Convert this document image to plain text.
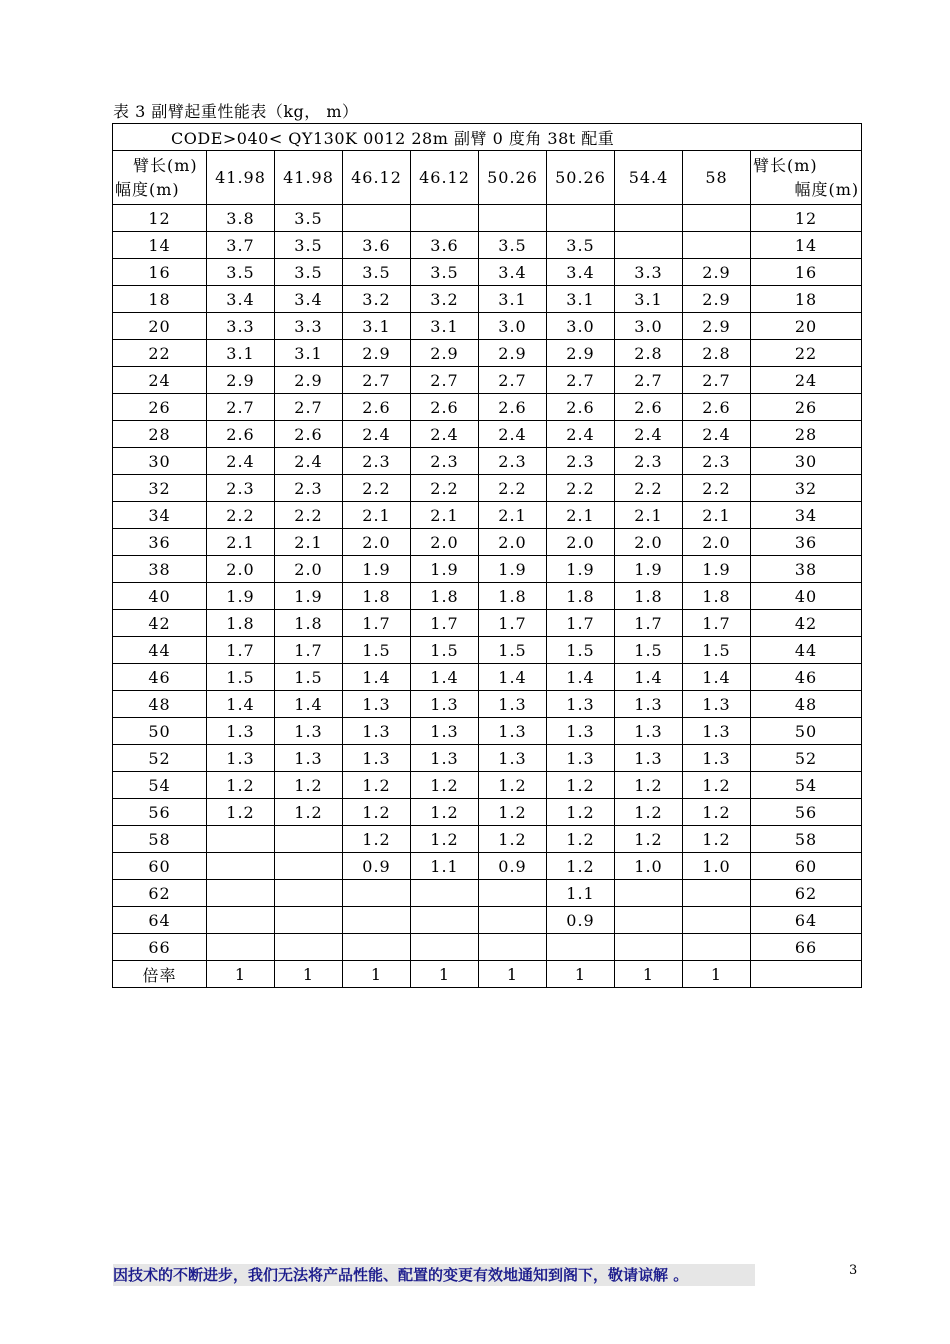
表 3 副臂起重性能表（kg， m）
CODE>040< QY130K 0012 28m 副臂 0 度角 38t 配重									

臂长(m)
幅度(m)	41.98	41.98	46.12	46.12	50.26	50.26	54.4	58	臂长(m)
幅度(m)

12	3.8	3.5							12
14	3.7	3.5	3.6	3.6	3.5	3.5			14
16	3.5	3.5	3.5	3.5	3.4	3.4	3.3	2.9	16
18	3.4	3.4	3.2	3.2	3.1	3.1	3.1	2.9	18
20	3.3	3.3	3.1	3.1	3.0	3.0	3.0	2.9	20
22	3.1	3.1	2.9	2.9	2.9	2.9	2.8	2.8	22
24	2.9	2.9	2.7	2.7	2.7	2.7	2.7	2.7	24
26	2.7	2.7	2.6	2.6	2.6	2.6	2.6	2.6	26
28	2.6	2.6	2.4	2.4	2.4	2.4	2.4	2.4	28
30	2.4	2.4	2.3	2.3	2.3	2.3	2.3	2.3	30
32	2.3	2.3	2.2	2.2	2.2	2.2	2.2	2.2	32
34	2.2	2.2	2.1	2.1	2.1	2.1	2.1	2.1	34
36	2.1	2.1	2.0	2.0	2.0	2.0	2.0	2.0	36
38	2.0	2.0	1.9	1.9	1.9	1.9	1.9	1.9	38
40	1.9	1.9	1.8	1.8	1.8	1.8	1.8	1.8	40
42	1.8	1.8	1.7	1.7	1.7	1.7	1.7	1.7	42
44	1.7	1.7	1.5	1.5	1.5	1.5	1.5	1.5	44
46	1.5	1.5	1.4	1.4	1.4	1.4	1.4	1.4	46
48	1.4	1.4	1.3	1.3	1.3	1.3	1.3	1.3	48
50	1.3	1.3	1.3	1.3	1.3	1.3	1.3	1.3	50
52	1.3	1.3	1.3	1.3	1.3	1.3	1.3	1.3	52
54	1.2	1.2	1.2	1.2	1.2	1.2	1.2	1.2	54
56	1.2	1.2	1.2	1.2	1.2	1.2	1.2	1.2	56
58			1.2	1.2	1.2	1.2	1.2	1.2	58
60			0.9	1.1	0.9	1.2	1.0	1.0	60
62						1.1			62
64						0.9			64
66									66
倍率	1	1	1	1	1	1	1	1	
因技术的不断进步，我们无法将产品性能、配置的变更有效地通知到阁下，敬请谅解 。	3
